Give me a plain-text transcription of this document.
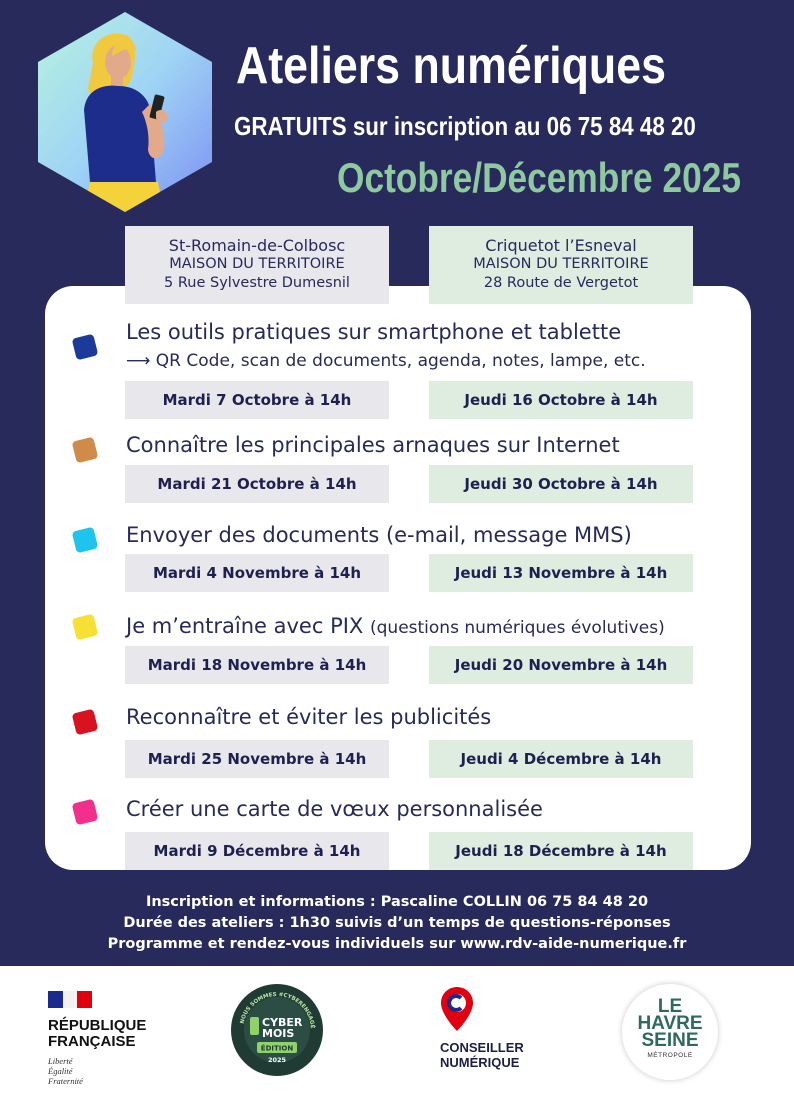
Ateliers numériques
GRATUITS sur inscription au 06 75 84 48 20
Octobre/Décembre 2025
St-Romain-de-Colbosc
MAISON DU TERRITOIRE
5 Rue Sylvestre Dumesnil
Criquetot l’Esneval
MAISON DU TERRITOIRE
28 Route de Vergetot
Les outils pratiques sur smartphone et tablette
⟶ QR Code, scan de documents, agenda, notes, lampe, etc.
Mardi 7 Octobre à 14h	Jeudi 16 Octobre à 14h
Connaître les principales arnaques sur Internet
Mardi 21 Octobre à 14h	Jeudi 30 Octobre à 14h
Envoyer des documents (e-mail, message MMS)
Mardi 4 Novembre à 14h	Jeudi 13 Novembre à 14h
Je m’entraîne avec PIX (questions numériques évolutives)
Mardi 18 Novembre à 14h	Jeudi 20 Novembre à 14h
Reconnaître et éviter les publicités
Mardi 25 Novembre à 14h	Jeudi 4 Décembre à 14h
Créer une carte de vœux personnalisée
Mardi 9 Décembre à 14h	Jeudi 18 Décembre à 14h
Inscription et informations : Pascaline COLLIN 06 75 84 48 20
Durée des ateliers : 1h30 suivis d’un temps de questions-réponses
Programme et rendez-vous individuels sur www.rdv-aide-numerique.fr
RÉPUBLIQUE
FRANÇAISE
Liberté
Égalité
Fraternité
NOUS SOMMES #CYBERENGAGÉ
CYBER
MOIS
ÉDITION
2025
CONSEILLER
NUMÉRIQUE
LE
HAVRE
SEINE
MÉTROPOLE
